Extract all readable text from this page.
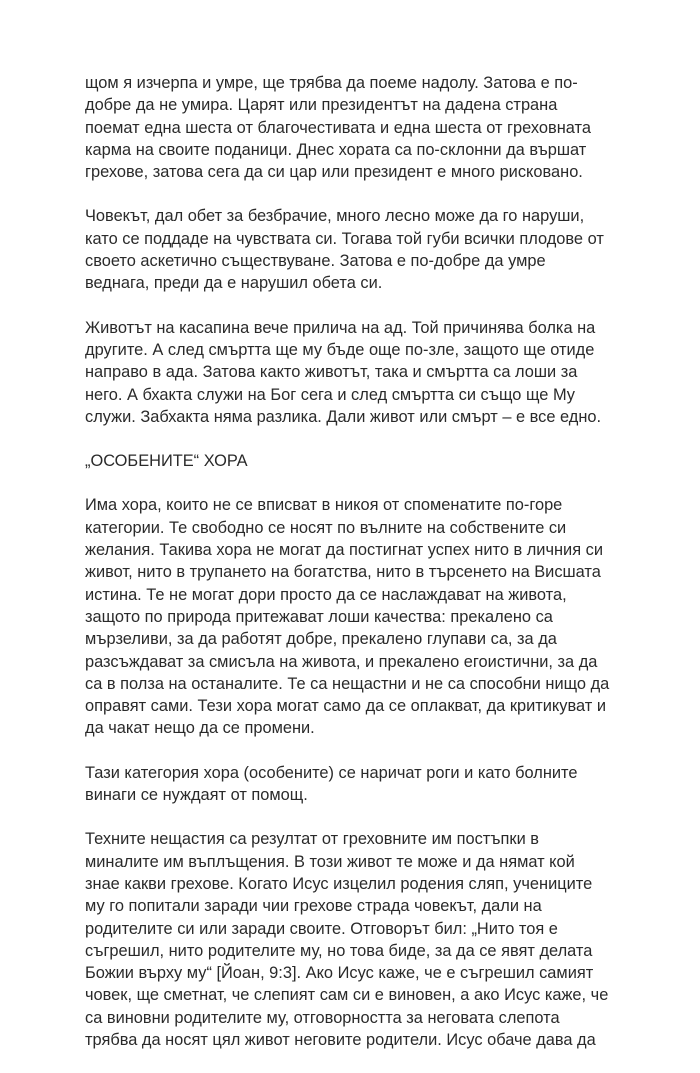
щом я изчерпа и умре, ще трябва да поеме надолу. Затова е по-
добре да не умира. Царят или президентът на дадена страна
поемат една шеста от благочестивата и една шеста от греховната
карма на своите поданици. Днес хората са по-склонни да вършат
грехове, затова сега да си цар или президент е много рисковано.

Човекът, дал обет за безбрачие, много лесно може да го наруши,
като се поддаде на чувствата си. Тогава той губи всички плодове от
своето аскетично съществуване. Затова е по-добре да умре
веднага, преди да е нарушил обета си.

Животът на касапина вече прилича на ад. Той причинява болка на
другите. А след смъртта ще му бъде още по-зле, защото ще отиде
направо в ада. Затова както животът, така и смъртта са лоши за
него. А бхакта служи на Бог сега и след смъртта си също ще Му
служи. Забхакта няма разлика. Дали живот или смърт – е все едно.

„ОСОБЕНИТЕ“ ХОРА

Има хора, които не се вписват в никоя от споменатите по-горе
категории. Те свободно се носят по вълните на собствените си
желания. Такива хора не могат да постигнат успех нито в личния си
живот, нито в трупането на богатства, нито в търсенето на Висшата
истина. Те не могат дори просто да се наслаждават на живота,
защото по природа притежават лоши качества: прекалено са
мързеливи, за да работят добре, прекалено глупави са, за да
разсъждават за смисъла на живота, и прекалено егоистични, за да
са в полза на останалите. Те са нещастни и не са способни нищо да
оправят сами. Тези хора могат само да се оплакват, да критикуват и
да чакат нещо да се промени.

Тази категория хора (особените) се наричат роги и като болните
винаги се нуждаят от помощ.

Техните нещастия са резултат от греховните им постъпки в
миналите им въплъщения. В този живот те може и да нямат кой
знае какви грехове. Когато Исус изцелил родения сляп, учениците
му го попитали заради чии грехове страда човекът, дали на
родителите си или заради своите. Отговорът бил: „Нито тоя е
съгрешил, нито родителите му, но това биде, за да се явят делата
Божии върху му“ [Йоан, 9:3]. Ако Исус каже, че е съгрешил самият
човек, ще сметнат, че слепият сам си е виновен, а ако Исус каже, че
са виновни родителите му, отговорността за неговата слепота
трябва да носят цял живот неговите родители. Исус обаче дава да
